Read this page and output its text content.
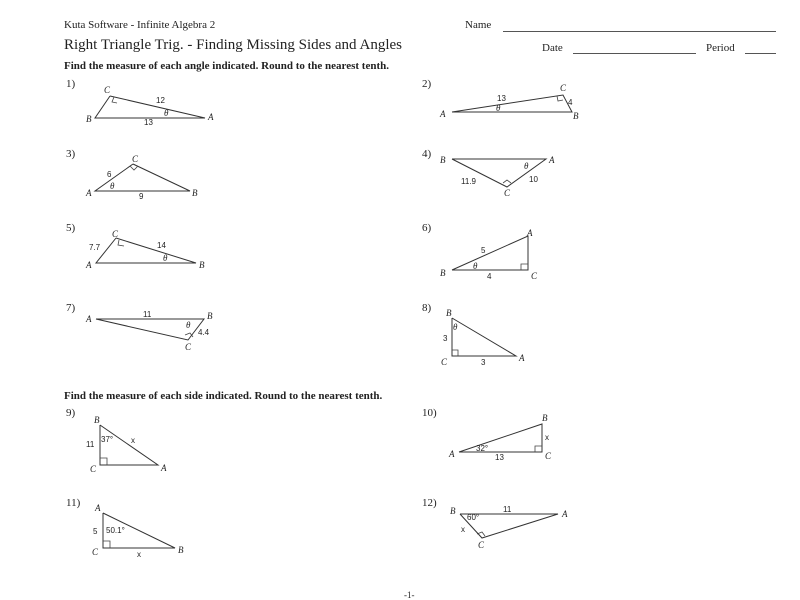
Kuta Software - Infinite Algebra 2	Name
Right Triangle Trig. - Finding Missing Sides and Angles	Date	Period
Find the measure of each angle indicated. Round to the nearest tenth.
Find the measure of each side indicated. Round to the nearest tenth.
1)	2)
3)	4)
5)	6)
7)	8)
9)	10)
11)	12)
C
B	A
12
13
θ
C
A	B
13	4
θ
C
A	B
6
9
θ
B	A
C
11.9	10
θ
C
A	B
7.7	14
θ
A
B	C
5
4
θ
A	B
C
11
4.4
θ
B
C	A
3
3
θ
B
C	A
11
37° x
B
A	C
13
32°
x
A
C	B
5 50.1°
x
B	A
C
11
60°
x
-1-
